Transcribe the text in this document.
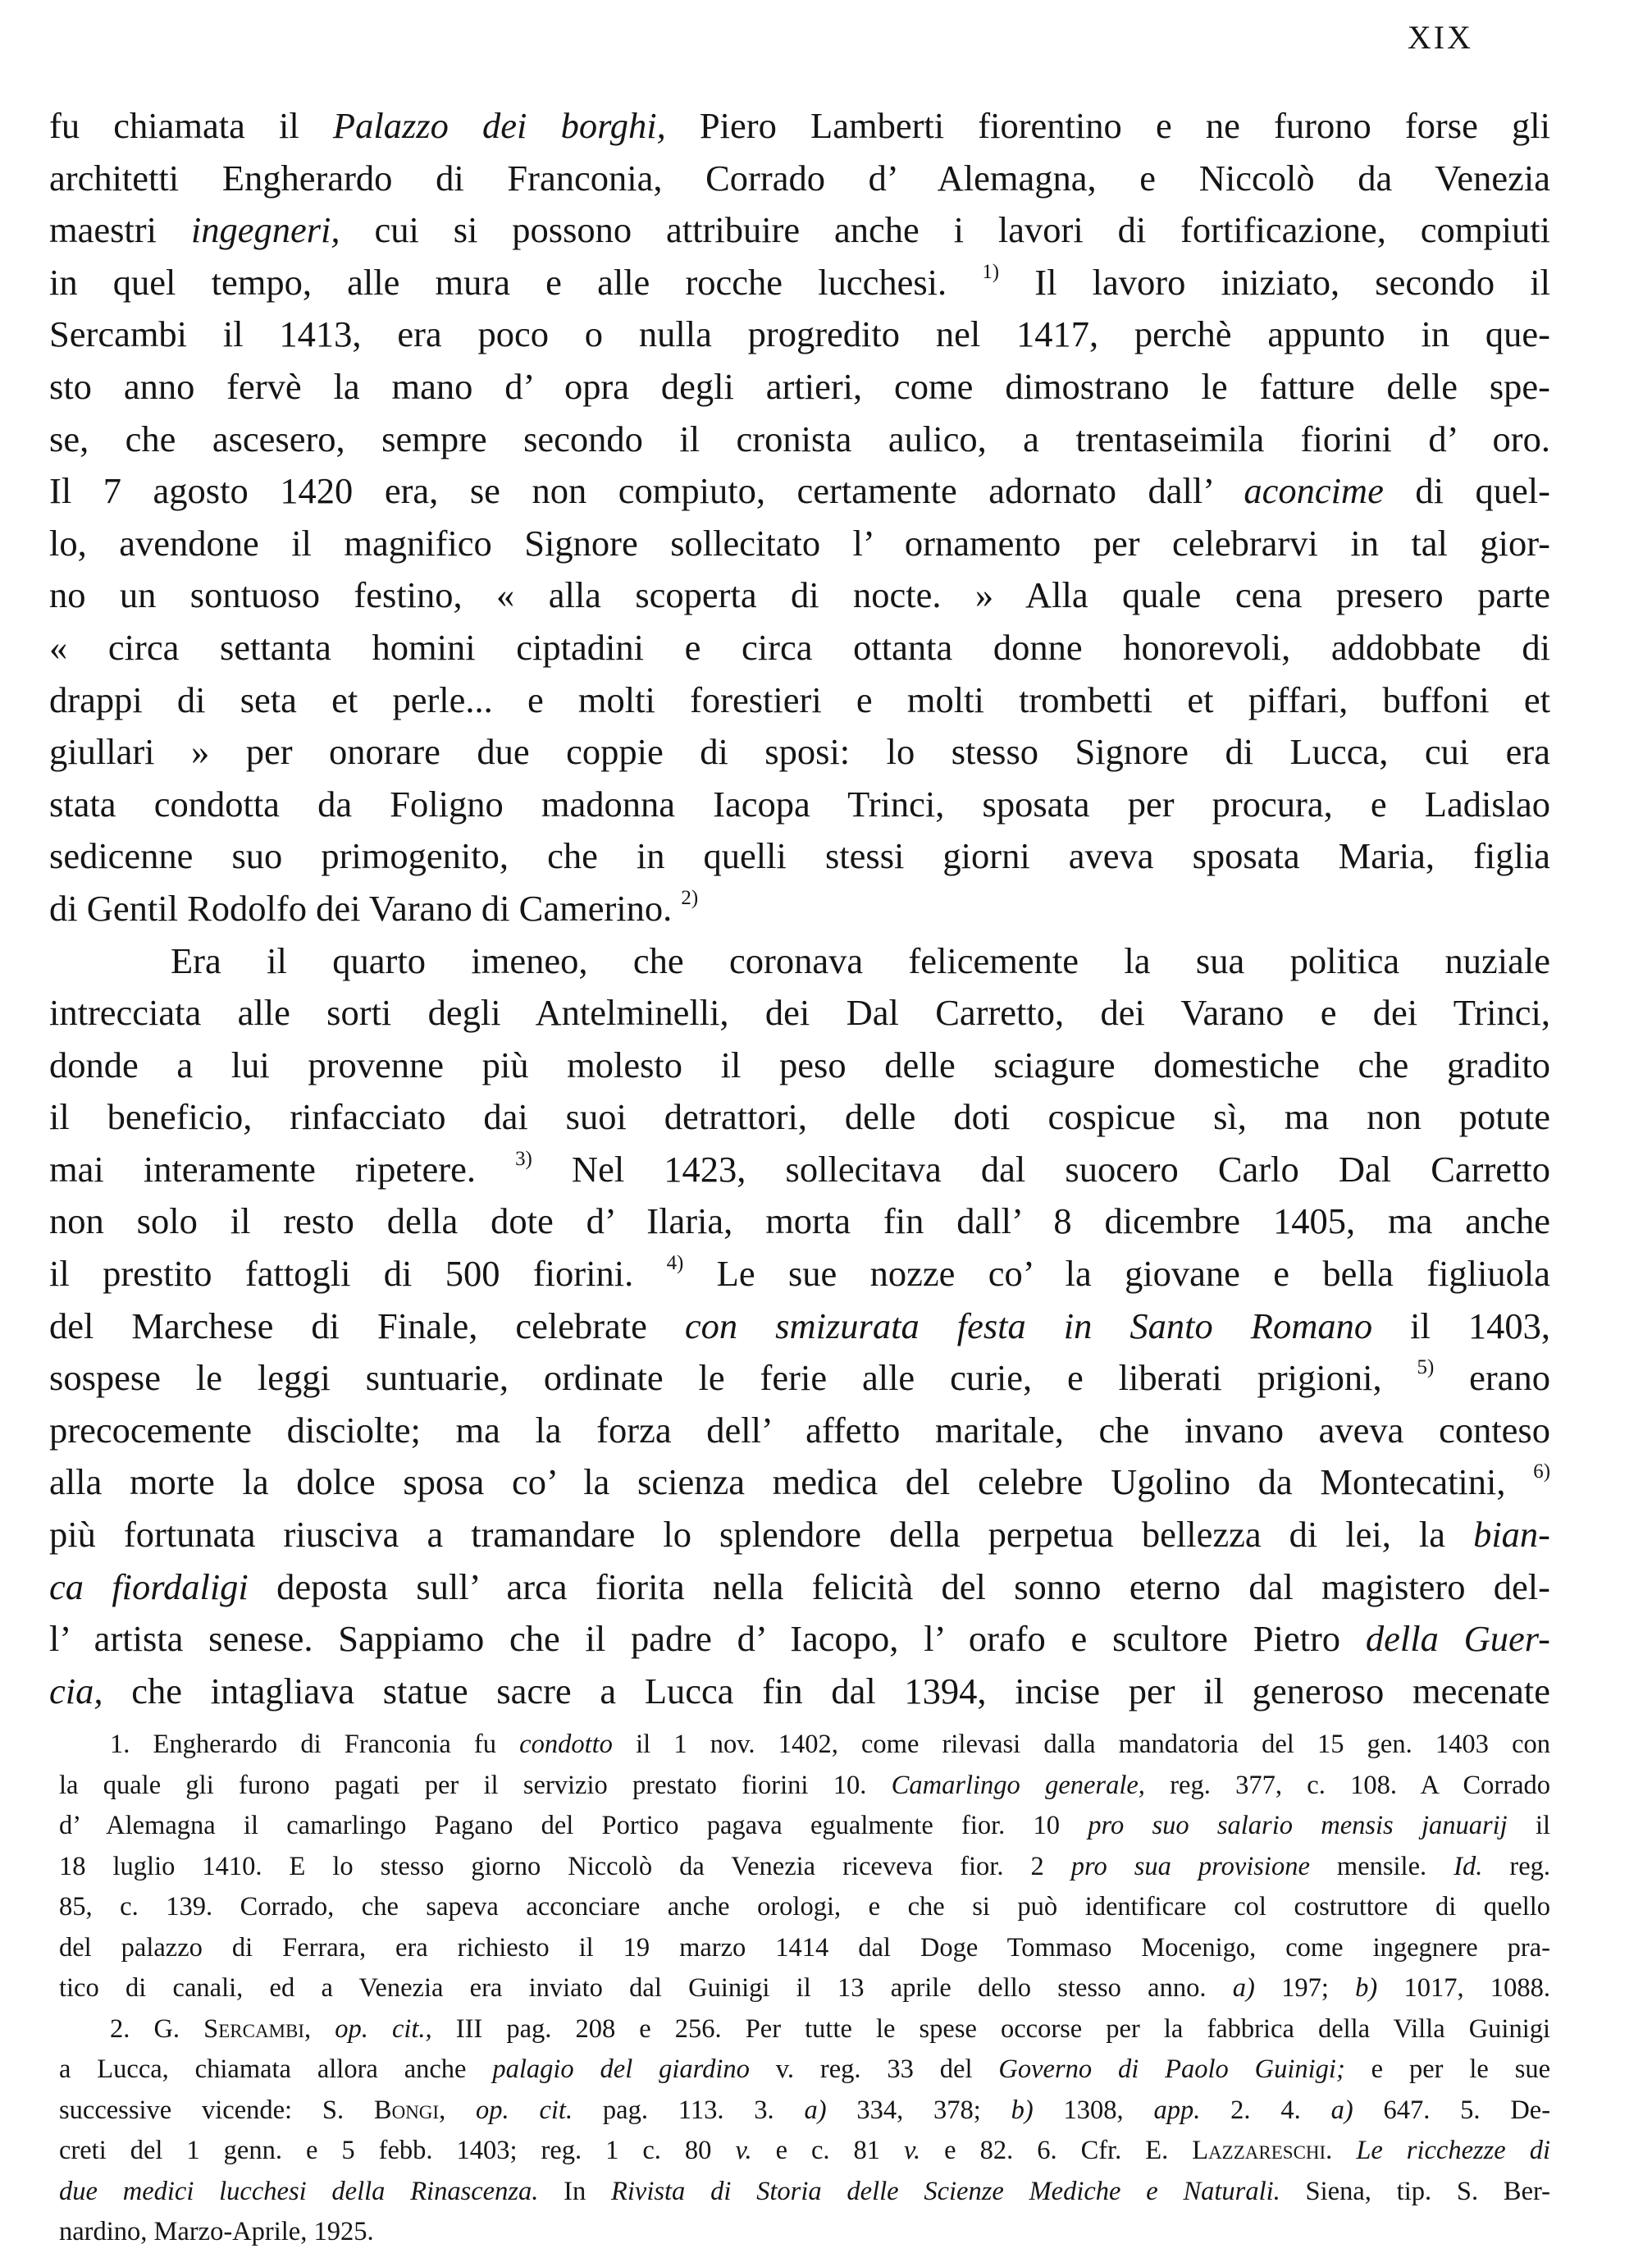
XIX
fu chiamata il Palazzo dei borghi, Piero Lamberti fiorentino e ne furono forse gli
architetti Engherardo di Franconia, Corrado d’ Alemagna, e Niccolò da Venezia
maestri ingegneri, cui si possono attribuire anche i lavori di fortificazione, compiuti
in quel tempo, alle mura e alle rocche lucchesi. $^{1)}$ Il lavoro iniziato, secondo il
Sercambi il 1413, era poco o nulla progredito nel 1417, perchè appunto in que-
sto anno fervè la mano d’ opra degli artieri, come dimostrano le fatture delle spe-
se, che ascesero, sempre secondo il cronista aulico, a trentaseimila fiorini d’ oro.
Il 7 agosto 1420 era, se non compiuto, certamente adornato dall’ aconcime di quel-
lo, avendone il magnifico Signore sollecitato l’ ornamento per celebrarvi in tal gior-
no un sontuoso festino, « alla scoperta di nocte. » Alla quale cena presero parte
« circa settanta homini ciptadini e circa ottanta donne honorevoli, addobbate di
drappi di seta et perle... e molti forestieri e molti trombetti et piffari, buffoni et
giullari » per onorare due coppie di sposi: lo stesso Signore di Lucca, cui era
stata condotta da Foligno madonna Iacopa Trinci, sposata per procura, e Ladislao
sedicenne suo primogenito, che in quelli stessi giorni aveva sposata Maria, figlia
di Gentil Rodolfo dei Varano di Camerino. $^{2)}$
Era il quarto imeneo, che coronava felicemente la sua politica nuziale
intrecciata alle sorti degli Antelminelli, dei Dal Carretto, dei Varano e dei Trinci,
donde a lui provenne più molesto il peso delle sciagure domestiche che gradito
il beneficio, rinfacciato dai suoi detrattori, delle doti cospicue sì, ma non potute
mai interamente ripetere. $^{3)}$ Nel 1423, sollecitava dal suocero Carlo Dal Carretto
non solo il resto della dote d’ Ilaria, morta fin dall’ 8 dicembre 1405, ma anche
il prestito fattogli di 500 fiorini. $^{4)}$ Le sue nozze co’ la giovane e bella figliuola
del Marchese di Finale, celebrate con smizurata festa in Santo Romano il 1403,
sospese le leggi suntuarie, ordinate le ferie alle curie, e liberati prigioni, $^{5)}$ erano
precocemente disciolte; ma la forza dell’ affetto maritale, che invano aveva conteso
alla morte la dolce sposa co’ la scienza medica del celebre Ugolino da Montecatini, $^{6)}$
più fortunata riusciva a tramandare lo splendore della perpetua bellezza di lei, la bian-
ca fiordaligi deposta sull’ arca fiorita nella felicità del sonno eterno dal magistero del-
l’ artista senese. Sappiamo che il padre d’ Iacopo, l’ orafo e scultore Pietro della Guer-
cia, che intagliava statue sacre a Lucca fin dal 1394, incise per il generoso mecenate
1. Engherardo di Franconia fu condotto il 1 nov. 1402, come rilevasi dalla mandatoria del 15 gen. 1403 con
la quale gli furono pagati per il servizio prestato fiorini 10. Camarlingo generale, reg. 377, c. 108. A Corrado
d’ Alemagna il camarlingo Pagano del Portico pagava egualmente fior. 10 pro suo salario mensis januarij il
18 luglio 1410. E lo stesso giorno Niccolò da Venezia riceveva fior. 2 pro sua provisione mensile. Id. reg.
85, c. 139. Corrado, che sapeva acconciare anche orologi, e che si può identificare col costruttore di quello
del palazzo di Ferrara, era richiesto il 19 marzo 1414 dal Doge Tommaso Mocenigo, come ingegnere pra-
tico di canali, ed a Venezia era inviato dal Guinigi il 13 aprile dello stesso anno. a) 197; b) 1017, 1088.
2. G. Sercambi, op. cit., III pag. 208 e 256. Per tutte le spese occorse per la fabbrica della Villa Guinigi
a Lucca, chiamata allora anche palagio del giardino v. reg. 33 del Governo di Paolo Guinigi; e per le sue
successive vicende: S. Bongi, op. cit. pag. 113. 3. a) 334, 378; b) 1308, app. 2. 4. a) 647. 5. De-
creti del 1 genn. e 5 febb. 1403; reg. 1 c. 80 v. e c. 81 v. e 82. 6. Cfr. E. Lazzareschi. Le ricchezze di
due medici lucchesi della Rinascenza. In Rivista di Storia delle Scienze Mediche e Naturali. Siena, tip. S. Ber-
nardino, Marzo-Aprile, 1925.
